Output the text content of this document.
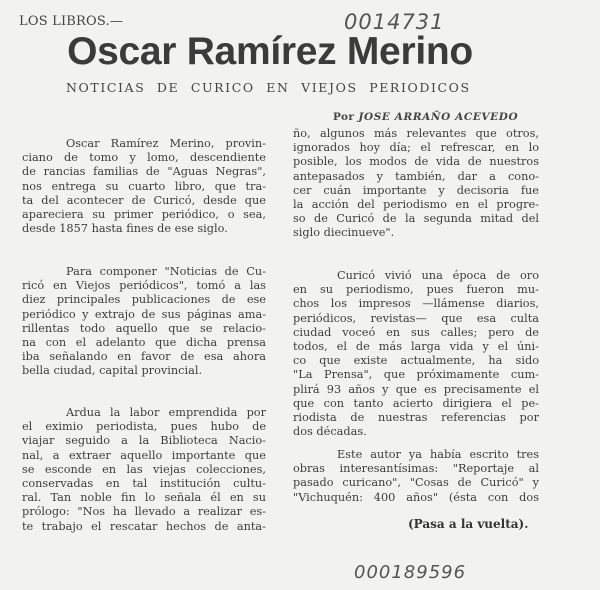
LOS LIBROS.—	0014731
Oscar Ramírez Merino
NOTICIAS DE CURICO EN VIEJOS PERIODICOS
Por JOSE ARRAÑO ACEVEDO
Oscar Ramírez Merino, provin-
ciano de tomo y lomo, descendiente
de rancias familias de "Aguas Negras",
nos entrega su cuarto libro, que tra-
ta del acontecer de Curicó, desde que
apareciera su primer periódico, o sea,
desde 1857 hasta fines de ese siglo.
Para componer "Noticias de Cu-
ricó en Viejos periódicos", tomó a las
diez principales publicaciones de ese
periódico y extrajo de sus páginas ama-
rillentas todo aquello que se relacio-
na con el adelanto que dicha prensa
iba señalando en favor de esa ahora
bella ciudad, capital provincial.
Ardua la labor emprendida por
el eximio periodista, pues hubo de
viajar seguido a la Biblioteca Nacio-
nal, a extraer aquello importante que
se esconde en las viejas colecciones,
conservadas en tal institución cultu-
ral. Tan noble fin lo señala él en su
prólogo: "Nos ha llevado a realizar es-
te trabajo el rescatar hechos de anta-
ño, algunos más relevantes que otros,
ignorados hoy día; el refrescar, en lo
posible, los modos de vida de nuestros
antepasados y también, dar a cono-
cer cuán importante y decisoria fue
la acción del periodismo en el progre-
so de Curicó de la segunda mitad del
siglo diecinueve".
Curicó vivió una época de oro
en su periodismo, pues fueron mu-
chos los impresos —llámense diarios,
periódicos, revistas— que esa culta
ciudad voceó en sus calles; pero de
todos, el de más larga vida y el úni-
co que existe actualmente, ha sido
"La Prensa", que próximamente cum-
plirá 93 años y que es precisamente el
que con tanto acierto dirigiera el pe-
riodista de nuestras referencias por
dos décadas.
Este autor ya había escrito tres
obras interesantísimas: "Reportaje al
pasado curicano", "Cosas de Curicó" y
"Vichuquén: 400 años" (ésta con dos
(Pasa a la vuelta).
000189596
